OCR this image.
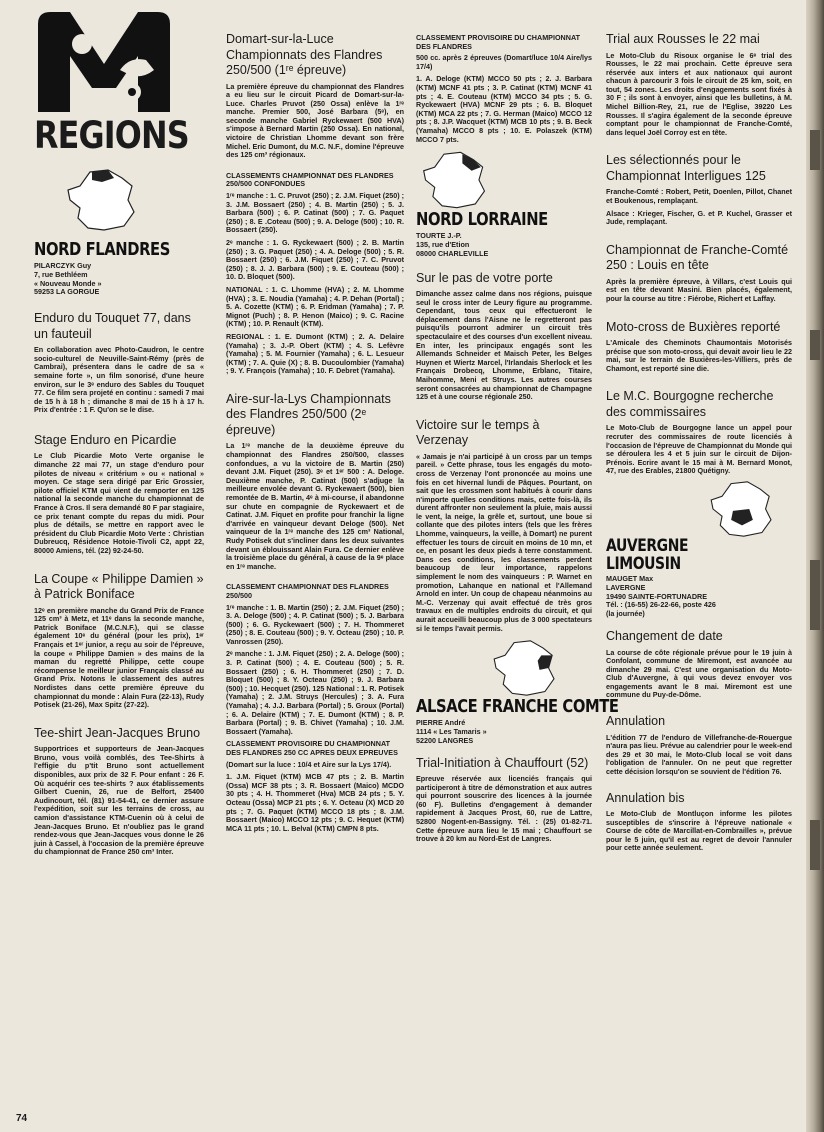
REGIONS
NORD FLANDRES
PILARCZYK Guy
7, rue Bethléem
« Nouveau Monde »
59253 LA GORGUE
Enduro du Touquet 77, dans un fauteuil

En collaboration avec Photo-Caudron, le centre socio-culturel de Neuville-Saint-Rémy (près de Cambrai), présentera dans le cadre de sa « semaine forte », un film sonorisé, d'une heure environ, sur le 3ᵉ enduro des Sables du Touquet 77. Ce film sera projeté en continu : samedi 7 mai de 15 h à 18 h ; dimanche 8 mai de 15 h à 17 h. Prix d'entrée : 1 F. Qu'on se le dise.

Stage Enduro en Picardie

Le Club Picardie Moto Verte organise le dimanche 22 mai 77, un stage d'enduro pour pilotes de niveau « critérium » ou « national » moyen. Ce stage sera dirigé par Eric Grossier, pilote officiel KTM qui vient de remporter en 125 national la seconde manche du championnat de France à Cros. Il sera demandé 80 F par stagiaire, ce prix tenant compte du repas du midi. Pour plus de détails, se mettre en rapport avec le président du Club Picardie Moto Verte : Christian Dubreucq, Résidence Hotoie-Tivoli C2, appt 22, 80000 Amiens, tél. (22) 92-24-50.

La Coupe « Philippe Damien » à Patrick Boniface

12ᵉ en première manche du Grand Prix de France 125 cm³ à Metz, et 11ᵉ dans la seconde manche, Patrick Boniface (M.C.N.F.), qui se classe également 10ᵉ du général (pour les prix), 1ᵉʳ Français et 1ᵉʳ junior, a reçu au soir de l'épreuve, la coupe « Philippe Damien » des mains de la maman du regretté Philippe, cette coupe récompense le meilleur junior Français classé au Grand Prix. Notons le classement des autres Nordistes dans cette première épreuve du championnat du monde : Alain Fura (22-13), Rudy Potisek (21-26), Max Spitz (27-22).

Tee-shirt Jean-Jacques Bruno

Supportrices et supporteurs de Jean-Jacques Bruno, vous voilà comblés, des Tee-Shirts à l'effigie du p'tit Bruno sont actuellement disponibles, aux prix de 32 F. Pour enfant : 26 F. Où acquérir ces tee-shirts ? aux établissements Gilbert Cuenin, 26, rue de Belfort, 25400 Audincourt, tél. (81) 91-54-41, ce dernier assure l'expédition, soit sur les terrains de cross, au camion d'assistance KTM-Cuenin où à celui de Jean-Jacques Bruno. Et n'oubliez pas le grand rendez-vous que Jean-Jacques vous donne le 26 juin à Cassel, à l'occasion de la première épreuve du championnat de France 250 cm³ Inter.

Domart-sur-la-Luce Championnats des Flandres 250/500 (1ʳᵉ épreuve)

La première épreuve du championnat des Flandres a eu lieu sur le circuit Picard de Domart-sur-la-Luce. Charles Pruvot (250 Ossa) enlève la 1ʳᵉ manche. Premier 500, José Barbara (5ᵉ), en seconde manche Gabriel Ryckewaert (500 HVA) s'impose à Bernard Martin (250 Ossa). En national, victoire de Christian Lhomme devant son frère Michel. Eric Dumont, du M.C. N.F., domine l'épreuve des 125 cm³ régionaux.

CLASSEMENTS CHAMPIONNAT DES FLANDRES 250/500 CONFONDUES

1ʳᵉ manche : 1. C. Pruvot (250) ; 2. J.M. Fiquet (250) ; 3. J.M. Bossaert (250) ; 4. B. Martin (250) ; 5. J. Barbara (500) ; 6. P. Catinat (500) ; 7. G. Paquet (250) ; 8. E .Coteau (500) ; 9. A. Deloge (500) ; 10. R. Bossaert (250).

2ᵉ manche : 1. G. Ryckewaert (500) ; 2. B. Martin (250) ; 3. G. Paquet (250) ; 4. A. Deloge (500) ; 5. R. Bossaert (250) ; 6. J.M. Fiquet (250) ; 7. C. Pruvot (250) ; 8. J. J. Barbara (500) ; 9. E. Couteau (500) ; 10. D. Bloquet (500).

NATIONAL : 1. C. Lhomme (HVA) ; 2. M. Lhomme (HVA) ; 3. E. Noudia (Yamaha) ; 4. P. Dehan (Portal) ; 5. A. Cozette (KTM) ; 6. P. Eridman (Yamaha) ; 7. P. Mignot (Puch) ; 8. P. Henon (Maico) ; 9. C. Racine (KTM) ; 10. P. Renault (KTM).

REGIONAL : 1. E. Dumont (KTM) ; 2. A. Delaire (Yamaha) ; 3. J.-P. Obert (KTM) ; 4. S. Lefèvre (Yamaha) ; 5. M. Fournier (Yamaha) ; 6. L. Lesueur (KTM) ; 7. A. Quie (X) ; 8. B. Ducoulombier (Yamaha) ; 9. Y. François (Yamaha) ; 10. F. Debret (Yamaha).

Aire-sur-la-Lys Championnats des Flandres 250/500 (2ᵉ épreuve)

La 1ʳᵉ manche de la deuxième épreuve du championnat des Flandres 250/500, classes confondues, a vu la victoire de B. Martin (250) devant J.M. Fiquet (250). 3ᵉ et 1ᵉʳ 500 : A. Deloge. Deuxième manche, P. Catinat (500) s'adjuge la meilleure envolée devant G. Ryckewaert (500), bien remontée de B. Martin, 4ᵉ à mi-course, il abandonne sur chute en compagnie de Ryckewaert et de Catinat. J.M. Fiquet en profite pour franchir la ligne d'arrivée en vainqueur devant Deloge (500). Net vainqueur de la 1ʳᵉ manche des 125 cm³ National, Rudy Potisek dut s'incliner dans les deux suivantes devant un éblouissant Alain Fura. Ce dernier enlève la troisième place du général, à cause de la 9ᵉ place en 1ʳᵉ manche.

CLASSEMENT CHAMPIONNAT DES FLANDRES 250/500

1ʳᵉ manche : 1. B. Martin (250) ; 2. J.M. Fiquet (250) ; 3. A. Deloge (500) ; 4. P. Catinat (500) ; 5. J. Barbara (500) ; 6. G. Ryckewaert (500) ; 7. H. Thommeret (250) ; 8. E. Couteau (500) ; 9. Y. Octeau (250) ; 10. P. Vanrossen (250).

2ᵉ manche : 1. J.M. Fiquet (250) ; 2. A. Deloge (500) ; 3. P. Catinat (500) ; 4. E. Couteau (500) ; 5. R. Bossaert (250) ; 6. H. Thommeret (250) ; 7. D. Bloquet (500) ; 8. Y. Octeau (250) ; 9. J. Barbara (500) ; 10. Hecquet (250). 125 National : 1. R. Potisek (Yamaha) ; 2. J.M. Struys (Hercules) ; 3. A. Fura (Yamaha) ; 4. J.J. Barbara (Portal) ; 5. Groux (Portal) ; 6. A. Delaire (KTM) ; 7. E. Dumont (KTM) ; 8. P. Barbara (Portal) ; 9. B. Chivet (Yamaha) ; 10. J.M. Bossaert (Yamaha).

CLASSEMENT PROVISOIRE DU CHAMPIONNAT DES FLANDRES 250 CC APRES DEUX EPREUVES

(Domart sur la luce : 10/4 et Aire sur la Lys 17/4).

1. J.M. Fiquet (KTM) MCB 47 pts ; 2. B. Martin (Ossa) MCF 38 pts ; 3. R. Bossaert (Maico) MCDO 30 pts ; 4. H. Thommeret (Hva) MCB 24 pts ; 5. Y. Octeau (Ossa) MCP 21 pts ; 6. Y. Octeau (X) MCD 20 pts ; 7. G. Paquet (KTM) MCCO 18 pts ; 8. J.M. Bossaert (Maico) MCCO 12 pts ; 9. C. Hequet (KTM) MCA 11 pts ; 10. L. Belval (KTM) CMPN 8 pts.

CLASSEMENT PROVISOIRE DU CHAMPIONNAT DES FLANDRES

500 cc. après 2 épreuves (Domart/luce 10/4 Aire/lys 17/4)

1. A. Deloge (KTM) MCCO 50 pts ; 2. J. Barbara (KTM) MCNF 41 pts ; 3. P. Catinat (KTM) MCNF 41 pts ; 4. E. Couteau (KTM) MCCO 34 pts ; 5. G. Ryckewaert (HVA) MCNF 29 pts ; 6. B. Bloquet (KTM) MCA 22 pts ; 7. G. Herman (Maico) MCCO 12 pts ; 8. J.P. Wacquet (KTM) MCB 10 pts ; 9. B. Beck (Yamaha) MCCO 8 pts ; 10. E. Polaszek (KTM) MCCO 7 pts.

NORD LORRAINE
TOURTE J.-P.
135, rue d'Etion
08000 CHARLEVILLE
Sur le pas de votre porte

Dimanche assez calme dans nos régions, puisque seul le cross inter de Leury figure au programme. Cependant, tous ceux qui effectueront le déplacement dans l'Aisne ne le regretteront pas puisqu'ils pourront admirer un circuit très spectaculaire et des courses d'un excellent niveau. En inter, les principaux engagés sont les Allemands Schneider et Maisch Peter, les Belges Huynen et Wiertz Marcel, l'Irlandais Sherlock et les Français Drobecq, Lhomme, Erblanc, Titaire, Maihomme, Meni et Struys. Les autres courses seront consacrées au championnat de Champagne 125 et à une course régionale 250.

Victoire sur le temps à Verzenay

« Jamais je n'ai participé à un cross par un temps pareil. » Cette phrase, tous les engagés du moto-cross de Verzenay l'ont prononcée au moins une fois en cet hivernal lundi de Pâques. Pourtant, on sait que les crossmen sont habitués à courir dans n'importe quelles conditions mais, cette fois-là, ils durent affronter non seulement la pluie, mais aussi le vent, la neige, la grêle et, surtout, une boue si collante que des pilotes inters (tels que les frères Lhomme, vainqueurs, la veille, à Domart) ne purent effectuer les tours de circuit en moins de 10 mn, et ce, en posant les deux pieds à terre constamment. Dans ces conditions, les classements perdent beaucoup de leur importance, rappelons simplement le nom des vainqueurs : P. Warnet en promotion, Lahanque en national et l'Allemand Arnold en inter. Un coup de chapeau néanmoins au M.-C. Verzenay qui avait effectué de très gros travaux en de multiples endroits du circuit, et qui aurait accueilli beaucoup plus de 3 000 spectateurs si le temps l'avait permis.

ALSACE FRANCHE COMTE
PIERRE André
1114 « Les Tamaris »
52200 LANGRES
Trial-Initiation à Chauffourt (52)

Epreuve réservée aux licenciés français qui participeront à titre de démonstration et aux autres qui pourront souscrire des licences à la journée (60 F). Bulletins d'engagement à demander rapidement à Jacques Prost, 60, rue de Lattre, 52800 Nogent-en-Bassigny. Tél. : (25) 01-82-71. Cette épreuve aura lieu le 15 mai ; Chauffourt se trouve à 20 km au Nord-Est de Langres.

Trial aux Rousses le 22 mai

Le Moto-Club du Risoux organise le 6ᵉ trial des Rousses, le 22 mai prochain. Cette épreuve sera réservée aux inters et aux nationaux qui auront chacun à parcourir 3 fois le circuit de 25 km, soit, en tout, 54 zones. Les droits d'engagements sont fixés à 30 F ; ils sont à envoyer, ainsi que les bulletins, à M. Michel Billion-Rey, 21, rue de l'Eglise, 39220 Les Rousses. Il s'agira également de la seconde épreuve comptant pour le championnat de Franche-Comté, dans lequel Joël Corroy est en tête.

Les sélectionnés pour le Championnat Interligues 125

Franche-Comté : Robert, Petit, Doenlen, Pillot, Chanet et Boukenous, remplaçant.

Alsace : Krieger, Fischer, G. et P. Kuchel, Grasser et Jude, remplaçant.

Championnat de Franche-Comté 250 : Louis en tête

Après la première épreuve, à Villars, c'est Louis qui est en tête devant Masini. Bien placés, également, pour la course au titre : Fiérobe, Richert et Laffay.

Moto-cross de Buxières reporté

L'Amicale des Cheminots Chaumontais Motorisés précise que son moto-cross, qui devait avoir lieu le 22 mai, sur le terrain de Buxières-les-Villiers, près de Chamont, est reporté sine die.

Le M.C. Bourgogne recherche des commissaires

Le Moto-Club de Bourgogne lance un appel pour recruter des commissaires de route licenciés à l'occasion de l'épreuve de Championnat du Monde qui se déroulera les 4 et 5 juin sur le circuit de Dijon-Prénois. Ecrire avant le 15 mai à M. Bernard Monot, 47, rue des Erables, 21800 Quétigny.

AUVERGNE
LIMOUSIN
MAUGET Max
LAVERGNE
19490 SAINTE-FORTUNADRE
Tél. : (16-55) 26-22-66, poste 426
(la journée)
Changement de date

La course de côte régionale prévue pour le 19 juin à Confolant, commune de Miremont, est avancée au dimanche 29 mai. C'est une organisation du Moto-Club d'Auvergne, à qui vous devez envoyer vos engagements avant le 8 mai. Miremont est une commune du Puy-de-Dôme.

Annulation

L'édition 77 de l'enduro de Villefranche-de-Rouergue n'aura pas lieu. Prévue au calendrier pour le week-end des 29 et 30 mai, le Moto-Club local se voit dans l'obligation de l'annuler. On ne peut que regretter cette décision lorsqu'on se souvient de l'édition 76.

Annulation bis

Le Moto-Club de Montluçon informe les pilotes susceptibles de s'inscrire à l'épreuve nationale « Course de côte de Marcillat-en-Combrailles », prévue pour le 5 juin, qu'il est au regret de devoir l'annuler pour cette année seulement.

74
